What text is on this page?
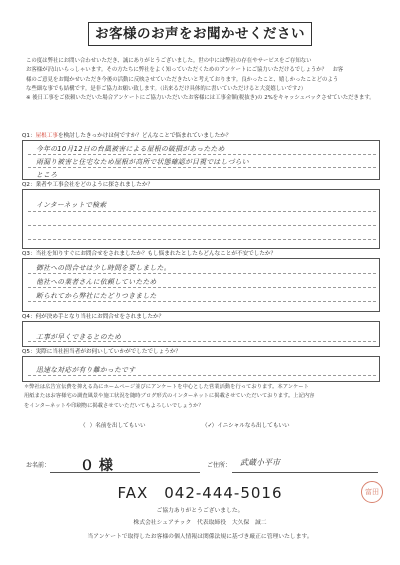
お客様のお声をお聞かせください
この度は弊社にお問い合わせいただき、誠にありがとうございました。世の中には弊社の存在やサービスをご存知ない
お客様が沢山いらっしゃいます。その方たちに弊社をよく知っていただくためのアンケートにご協力いただけるでしょうか？　お客
様のご意見をお聞かせいただき今後の活動に反映させていただきたいと考えております。良かったこと、嬉しかったことどのよう
な些細な事でも結構です。是非ご協力お願い致します。（出来るだけ具体的に書いていただけると大変嬉しいです♪）
※ 後日工事をご依頼いただいた場合アンケートにご協力いただいたお客様には工事金額(税抜き)の 2%をキャッシュバックさせていただきます。
Q1：屋根工事を検討したきっかけは何ですか？どんなことで悩まれていましたか？
今年の10月12日の台風被害による屋根の破損があったため
雨漏り被害と住宅なため屋根が高所で状態確認が目視ではしづらい
ところ
Q2：業者や工事会社をどのように探されましたか？
インターネットで検索
Q3：当社を知りすぐにお問合せをされましたか？もし悩まれたとしたらどんなことが不安でしたか？
御社への問合せは少し時間を要しました。
他社への業者さんに依頼していたため
断られてから弊社にたどりつきました
Q4：何が決め手となり当社にお問合せをされましたか？
工事が早くできるとのため
Q5：実際に当社担当者がお伺いしていかがでしたでしょうか？
迅速な対応が有り難かったです
＊弊社は広告宣伝費を抑える為にホームページ並びにアンケートを中心とした営業活動を行っております。本アンケート
用紙またはお客様宅の調査風景や施工状況を随時ブログ形式のインターネットに掲載させていただいております。上記内容
をインターネットや印刷物に掲載させていただいてもよろしいでしょうか？
（ ）名前を出してもいい	（✓）イニシャルなら出してもいい
お名前： ０ 様	ご住所： 武蔵小平市
富田
FAX　042-444-5016
ご協力ありがとうございました。
株式会社シェアテック　代表取締役　大久保　誠二
当アンケートで取得したお客様の個人情報は関係法規に基づき厳正に管理いたします。
